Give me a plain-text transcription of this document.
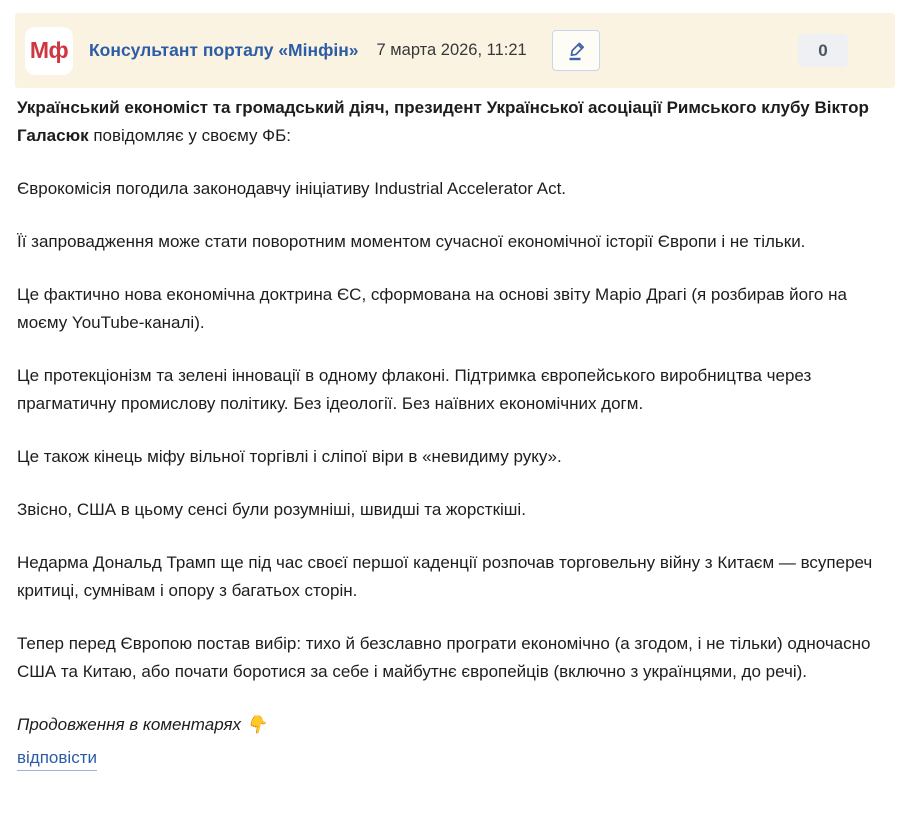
Мф Консультант порталу «Мінфін» 7 марта 2026, 11:21	0

Український економіст та громадський діяч, президент Української асоціації Римського клубу Віктор Галасюк повідомляє у своєму ФБ:

Єврокомісія погодила законодавчу ініціативу Industrial Accelerator Act.

Її запровадження може стати поворотним моментом сучасної економічної історії Європи і не тільки.

Це фактично нова економічна доктрина ЄС, сформована на основі звіту Маріо Драгі (я розбирав його на моєму YouTube-каналі).

Це протекціонізм та зелені інновації в одному флаконі. Підтримка європейського виробництва через прагматичну промислову політику. Без ідеології. Без наївних економічних догм.

Це також кінець міфу вільної торгівлі і сліпої віри в «невидиму руку».

Звісно, США в цьому сенсі були розумніші, швидші та жорсткіші.

Недарма Дональд Трамп ще під час своєї першої каденції розпочав торговельну війну з Китаєм — всупереч критиці, сумнівам і опору з багатьох сторін.

Тепер перед Європою постав вибір: тихо й безславно програти економічно (а згодом, і не тільки) одночасно США та Китаю, або почати боротися за себе і майбутнє європейців (включно з українцями, до речі).

Продовження в коментарях 👇

відповісти
